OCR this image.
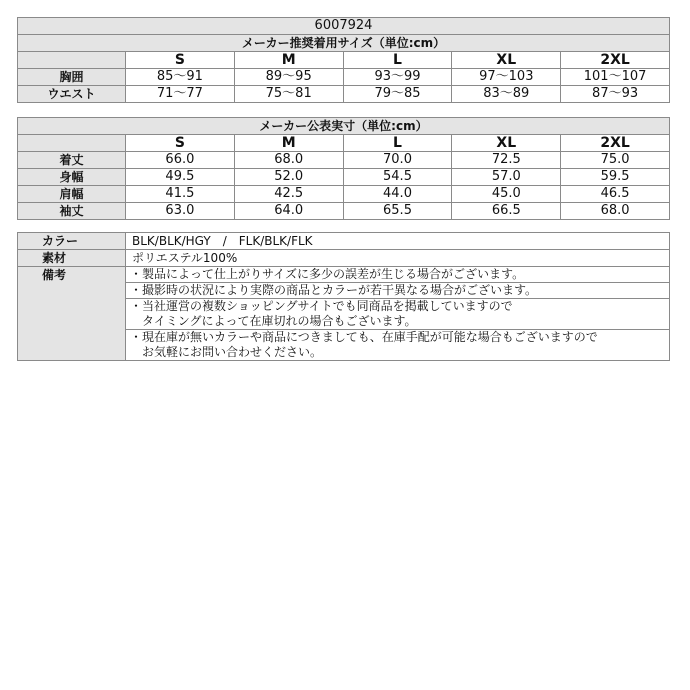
6007924					
メーカー推奨着用サイズ（単位:cm）					
	S	M	L	XL	2XL
胸囲	85〜91	89〜95	93〜99	97〜103	101〜107
ウエスト	71〜77	75〜81	79〜85	83〜89	87〜93
メーカー公表実寸（単位:cm）					
	S	M	L	XL	2XL
着丈	66.0	68.0	70.0	72.5	75.0
身幅	49.5	52.0	54.5	57.0	59.5
肩幅	41.5	42.5	44.0	45.0	46.5
袖丈	63.0	64.0	65.5	66.5	68.0
カラー	BLK/BLK/HGY　/　FLK/BLK/FLK
素材	ポリエステル100%
備考	・製品によって仕上がりサイズに多少の誤差が生じる場合がございます。

	・撮影時の状況により実際の商品とカラーが若干異なる場合がございます。

	・当社運営の複数ショッピングサイトでも同商品を掲載していますので
　タイミングによって在庫切れの場合もございます。

	・現在庫が無いカラーや商品につきましても、在庫手配が可能な場合もございますので
　お気軽にお問い合わせください。
